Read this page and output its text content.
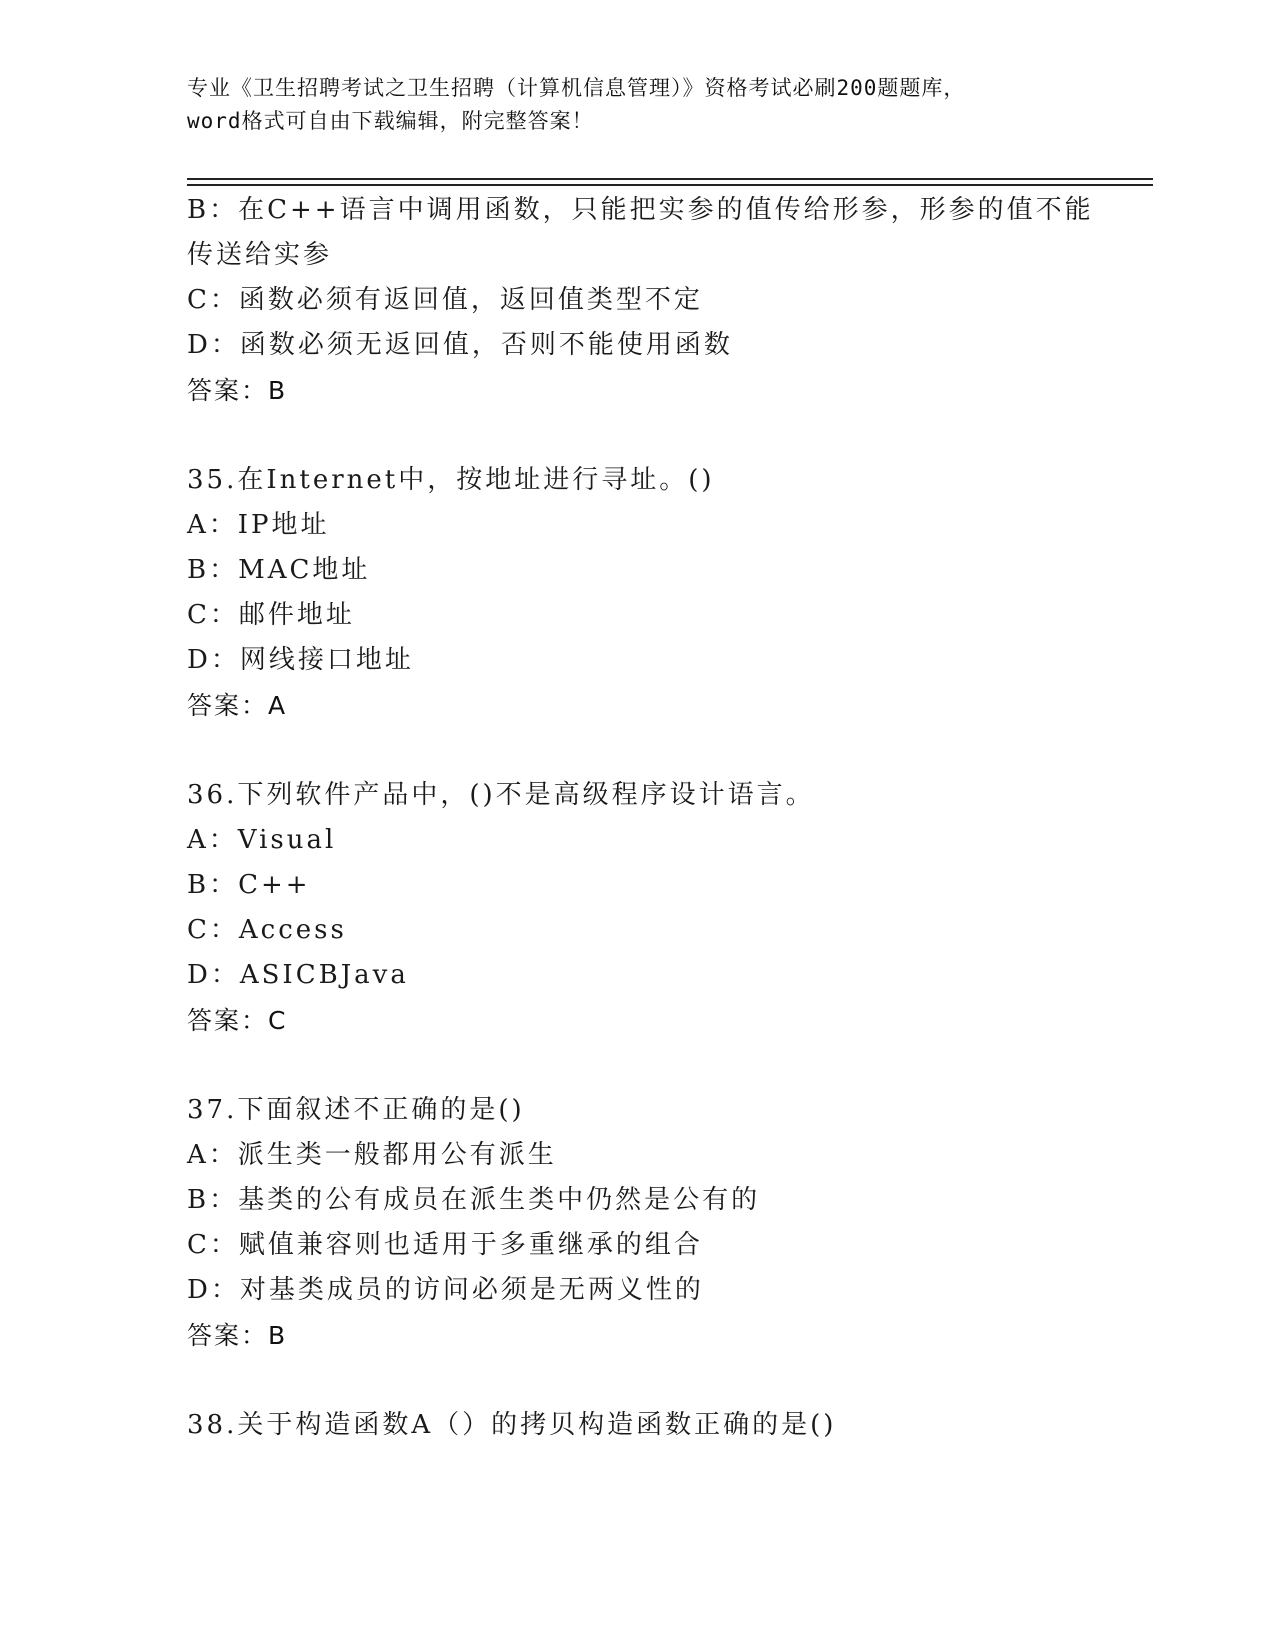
专业《卫生招聘考试之卫生招聘（计算机信息管理）》资格考试必刷200题题库，
word格式可自由下载编辑，附完整答案！

B：在C++语言中调用函数，只能把实参的值传给形参，形参的值不能

传送给实参

C：函数必须有返回值，返回值类型不定

D：函数必须无返回值，否则不能使用函数

答案：B

35.在Internet中，按地址进行寻址。()

A：IP地址

B：MAC地址

C：邮件地址

D：网线接口地址

答案：A

36.下列软件产品中，()不是高级程序设计语言。

A：Visual

B：C++

C：Access

D：ASICBJava

答案：C

37.下面叙述不正确的是()

A：派生类一般都用公有派生

B：基类的公有成员在派生类中仍然是公有的

C：赋值兼容则也适用于多重继承的组合

D：对基类成员的访问必须是无两义性的

答案：B

38.关于构造函数A（）的拷贝构造函数正确的是()
